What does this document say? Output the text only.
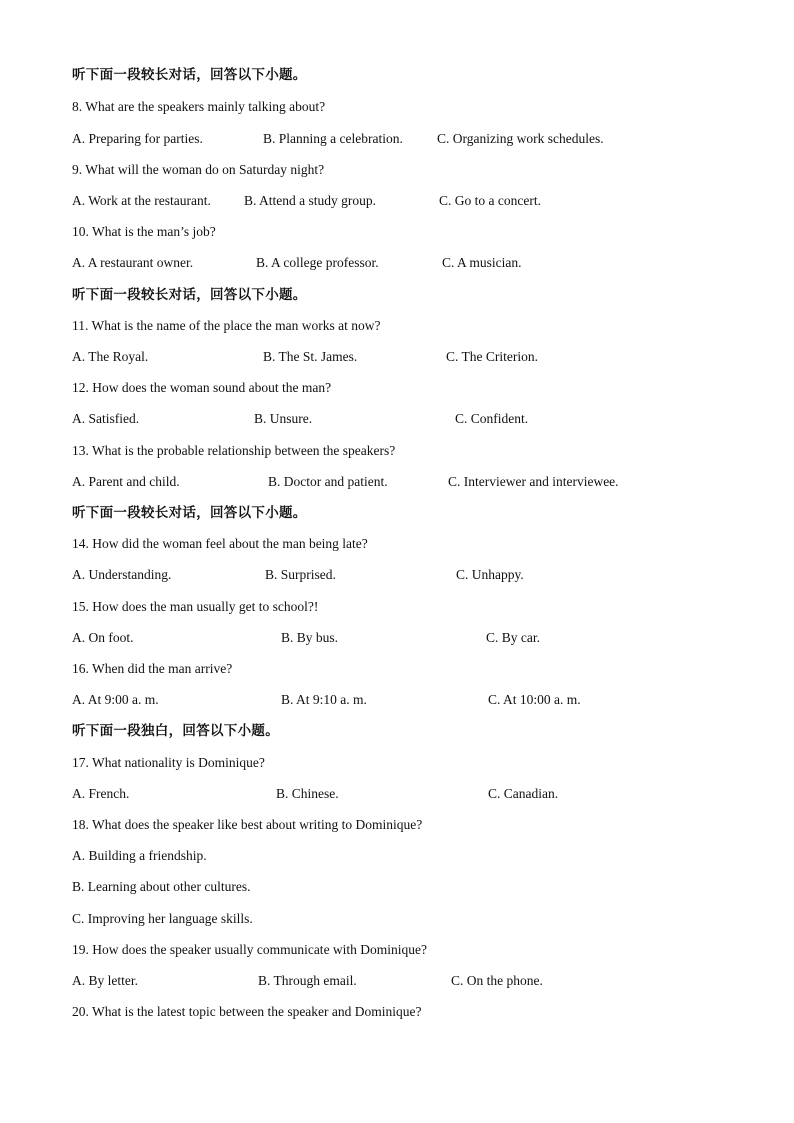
听下面一段较长对话，回答以下小题。
8. What are the speakers mainly talking about?
A. Preparing for parties.	B. Planning a celebration.	C. Organizing work schedules.
9. What will the woman do on Saturday night?
A. Work at the restaurant. B. Attend a study group.	C. Go to a concert.
10. What is the man’s job?
A. A restaurant owner.	B. A college professor.	C. A musician.
听下面一段较长对话，回答以下小题。
11. What is the name of the place the man works at now?
A. The Royal.	B. The St. James.	C. The Criterion.
12. How does the woman sound about the man?
A. Satisfied.	B. Unsure.	C. Confident.
13. What is the probable relationship between the speakers?
A. Parent and child.	B. Doctor and patient.	C. Interviewer and interviewee.
听下面一段较长对话，回答以下小题。
14. How did the woman feel about the man being late?
A. Understanding.	B. Surprised.	C. Unhappy.
15. How does the man usually get to school?!
A. On foot.	B. By bus.	C. By car.
16. When did the man arrive?
A. At 9:00 a. m.	B. At 9:10 a. m.	C. At 10:00 a. m.
听下面一段独白，回答以下小题。
17. What nationality is Dominique?
A. French.	B. Chinese.	C. Canadian.
18. What does the speaker like best about writing to Dominique?
A. Building a friendship.
B. Learning about other cultures.
C. Improving her language skills.
19. How does the speaker usually communicate with Dominique?
A. By letter.	B. Through email.	C. On the phone.
20. What is the latest topic between the speaker and Dominique?
